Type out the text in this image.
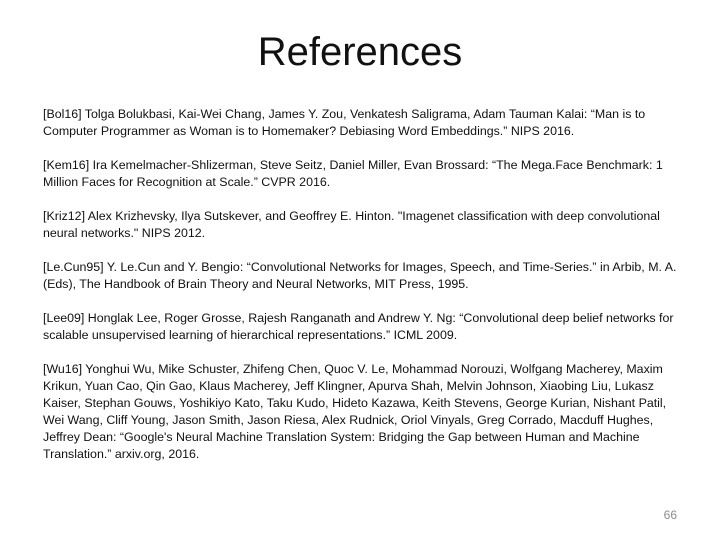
References
[Bol16] Tolga Bolukbasi, Kai-Wei Chang, James Y. Zou, Venkatesh Saligrama, Adam Tauman Kalai: “Man is to Computer Programmer as Woman is to Homemaker? Debiasing Word Embeddings.” NIPS 2016.
[Kem16] Ira Kemelmacher-Shlizerman, Steve Seitz, Daniel Miller, Evan Brossard: “The Mega.Face Benchmark: 1 Million Faces for Recognition at Scale.” CVPR 2016.
[Kriz12] Alex Krizhevsky, Ilya Sutskever, and Geoffrey E. Hinton. "Imagenet classification with deep convolutional neural networks." NIPS 2012.
[Le.Cun95] Y. Le.Cun and Y. Bengio: “Convolutional Networks for Images, Speech, and Time-Series.” in Arbib, M. A. (Eds), The Handbook of Brain Theory and Neural Networks, MIT Press, 1995.
[Lee09] Honglak Lee, Roger Grosse, Rajesh Ranganath and Andrew Y. Ng: “Convolutional deep belief networks for scalable unsupervised learning of hierarchical representations.” ICML 2009.
[Wu16] Yonghui Wu, Mike Schuster, Zhifeng Chen, Quoc V. Le, Mohammad Norouzi, Wolfgang Macherey, Maxim Krikun, Yuan Cao, Qin Gao, Klaus Macherey, Jeff Klingner, Apurva Shah, Melvin Johnson, Xiaobing Liu, Lukasz Kaiser, Stephan Gouws, Yoshikiyo Kato, Taku Kudo, Hideto Kazawa, Keith Stevens, George Kurian, Nishant Patil, Wei Wang, Cliff Young, Jason Smith, Jason Riesa, Alex Rudnick, Oriol Vinyals, Greg Corrado, Macduff Hughes, Jeffrey Dean: “Google's Neural Machine Translation System: Bridging the Gap between Human and Machine Translation.” arxiv.org, 2016.
66
